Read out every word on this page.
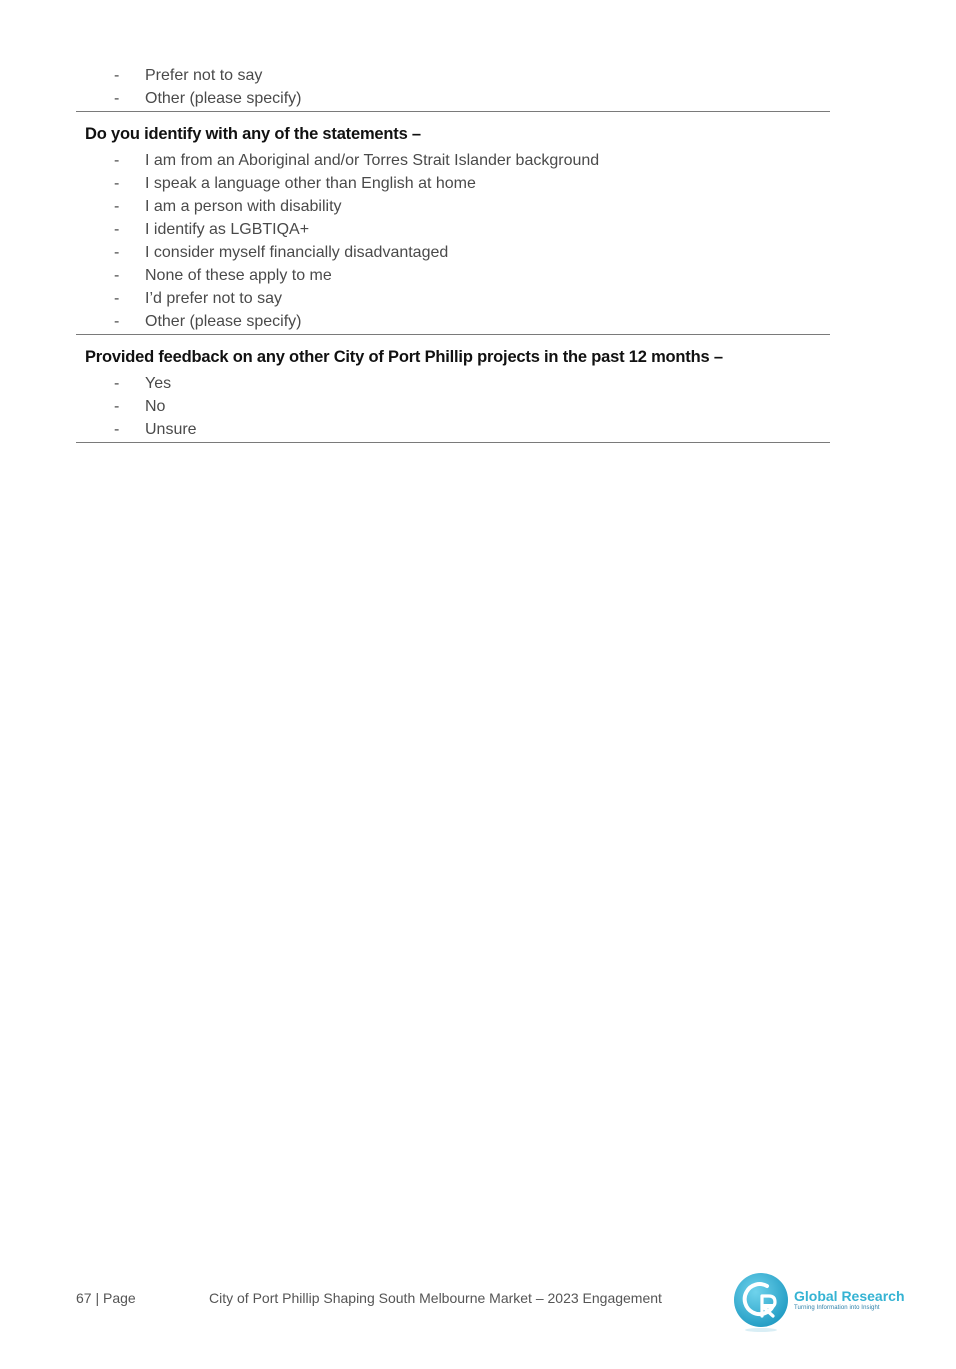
-	Prefer not to say
-	Other (please specify)
Do you identify with any of the statements –
-	I am from an Aboriginal and/or Torres Strait Islander background
-	I speak a language other than English at home
-	I am a person with disability
-	I identify as LGBTIQA+
-	I consider myself financially disadvantaged
-	None of these apply to me
-	I’d prefer not to say
-	Other (please specify)
Provided feedback on any other City of Port Phillip projects in the past 12 months –
-	Yes
-	No
-	Unsure
67 | Page	City of Port Phillip Shaping South Melbourne Market – 2023 Engagement	Global Research
Turning Information into Insight
